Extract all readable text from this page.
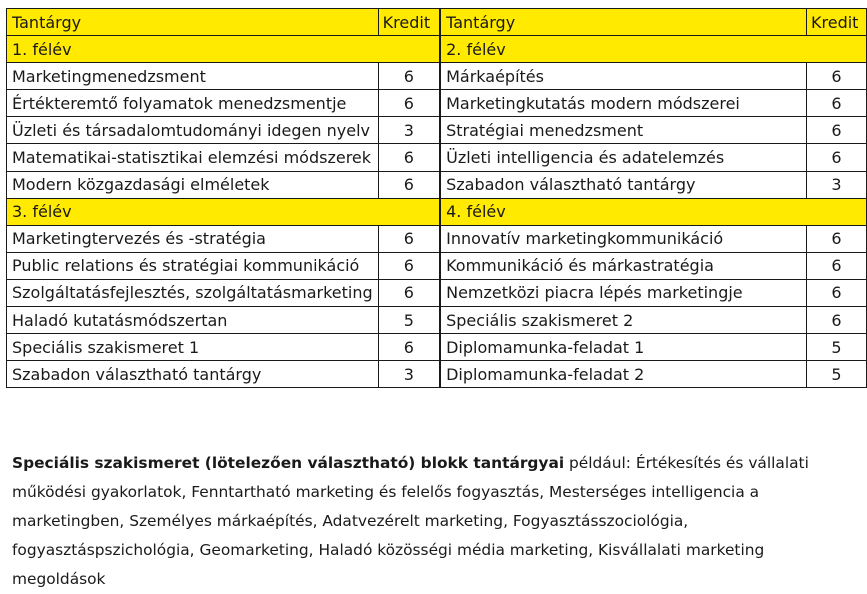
Tantárgy	Kredit	Tantárgy	Kredit
1. félév		2. félév	
Marketingmenedzsment	6	Márkaépítés	6
Értékteremtő folyamatok menedzsmentje	6	Marketingkutatás modern módszerei	6
Üzleti és társadalomtudományi idegen nyelv	3	Stratégiai menedzsment	6
Matematikai-statisztikai elemzési módszerek	6	Üzleti intelligencia és adatelemzés	6
Modern közgazdasági elméletek	6	Szabadon választható tantárgy	3
3. félév		4. félév	
Marketingtervezés és -stratégia	6	Innovatív marketingkommunikáció	6
Public relations és stratégiai kommunikáció	6	Kommunikáció és márkastratégia	6
Szolgáltatásfejlesztés, szolgáltatásmarketing	6	Nemzetközi piacra lépés marketingje	6
Haladó kutatásmódszertan	5	Speciális szakismeret 2	6
Speciális szakismeret 1	6	Diplomamunka-feladat 1	5
Szabadon választható tantárgy	3	Diplomamunka-feladat 2	5
Speciális szakismeret (lötelezően választható) blokk tantárgyai például: Értékesítés és vállalati működési gyakorlatok, Fenntartható marketing és felelős fogyasztás, Mesterséges intelligencia a marketingben, Személyes márkaépítés, Adatvezérelt marketing, Fogyasztásszociológia, fogyasztáspszichológia, Geomarketing, Haladó közösségi média marketing, Kisvállalati marketing megoldások
